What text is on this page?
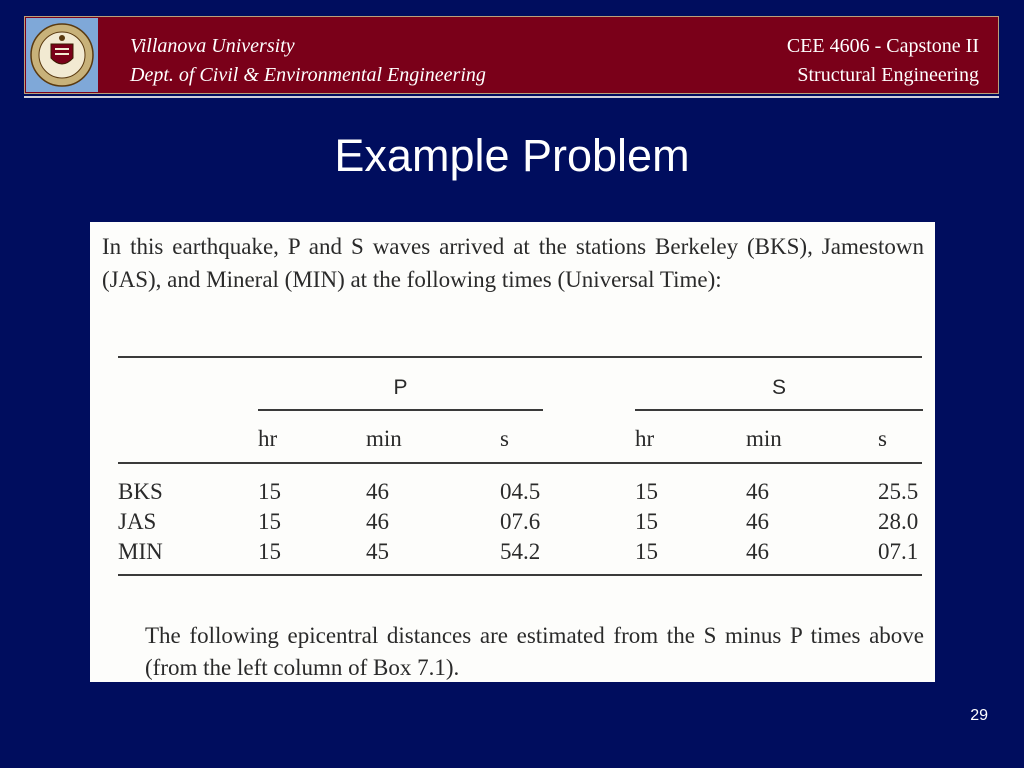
Villanova University
Dept. of Civil & Environmental Engineering
CEE 4606 - Capstone II
Structural Engineering
Example Problem
In this earthquake, P and S waves arrived at the stations Berkeley (BKS), Jamestown (JAS), and Mineral (MIN) at the following times (Universal Time):
P	S
hr	min	s	hr	min	s
BKS	15	46	04.5	15	46	25.5
JAS	15	46	07.6	15	46	28.0
MIN	15	45	54.2	15	46	07.1
The following epicentral distances are estimated from the S minus P times above (from the left column of Box 7.1).
29
